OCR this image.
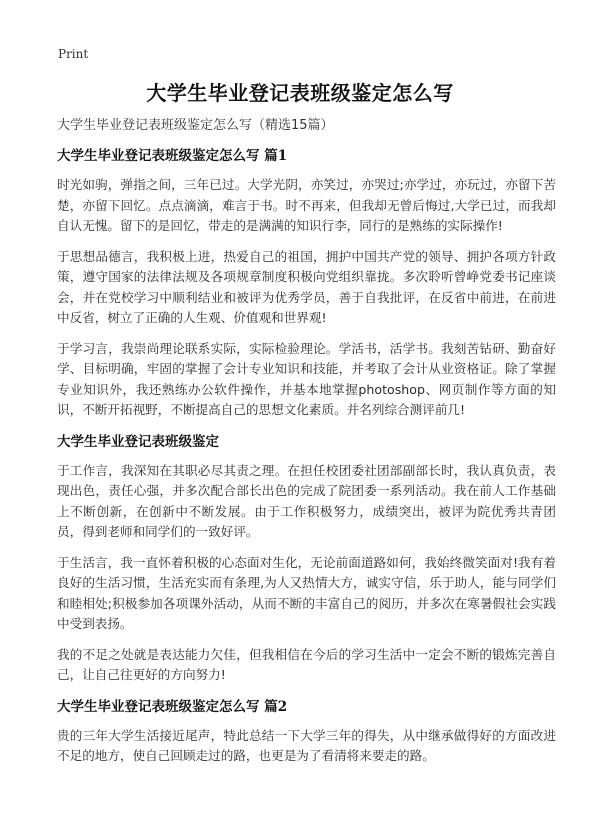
Print
大学生毕业登记表班级鉴定怎么写
大学生毕业登记表班级鉴定怎么写（精选15篇）
大学生毕业登记表班级鉴定怎么写 篇1

时光如驹，弹指之间，三年已过。大学光阴，亦笑过，亦哭过;亦学过，亦玩过，亦留下苦楚，亦留下回忆。点点滴滴，难言于书。时不再来，但我却无曾后悔过,大学已过，而我却自认无愧。留下的是回忆，带走的是满满的知识行李，同行的是熟练的实际操作!

于思想品德言，我积极上进，热爱自己的祖国，拥护中国共产党的领导、拥护各项方针政策，遵守国家的法律法规及各项规章制度积极向党组织靠拢。多次聆听曾峥党委书记座谈会，并在党校学习中顺利结业和被评为优秀学员，善于自我批评，在反省中前进，在前进中反省，树立了正确的人生观、价值观和世界观!

于学习言，我崇尚理论联系实际，实际检验理论。学活书，活学书。我刻苦钻研、勤奋好学、目标明确，牢固的掌握了会计专业知识和技能，并考取了会计从业资格证。除了掌握专业知识外，我还熟练办公软件操作，并基本地掌握photoshop、网页制作等方面的知识，不断开拓视野，不断提高自己的思想文化素质。并名列综合测评前几!

大学生毕业登记表班级鉴定

于工作言，我深知在其职必尽其责之理。在担任校团委社团部副部长时，我认真负责，表现出色，责任心强，并多次配合部长出色的完成了院团委一系列活动。我在前人工作基础上不断创新，在创新中不断发展。由于工作积极努力，成绩突出，被评为院优秀共青团员，得到老师和同学们的一致好评。

于生活言，我一直怀着积极的心态面对生化，无论前面道路如何，我始终微笑面对!我有着良好的生活习惯，生活充实而有条理,为人又热情大方，诚实守信，乐于助人，能与同学们和睦相处;积极参加各项课外活动，从而不断的丰富自己的阅历，并多次在寒暑假社会实践中受到表扬。

我的不足之处就是表达能力欠佳，但我相信在今后的学习生活中一定会不断的锻炼完善自己，让自己往更好的方向努力!

大学生毕业登记表班级鉴定怎么写 篇2

贵的三年大学生活接近尾声，特此总结一下大学三年的得失，从中继承做得好的方面改进不足的地方，使自己回顾走过的路，也更是为了看清将来要走的路。
